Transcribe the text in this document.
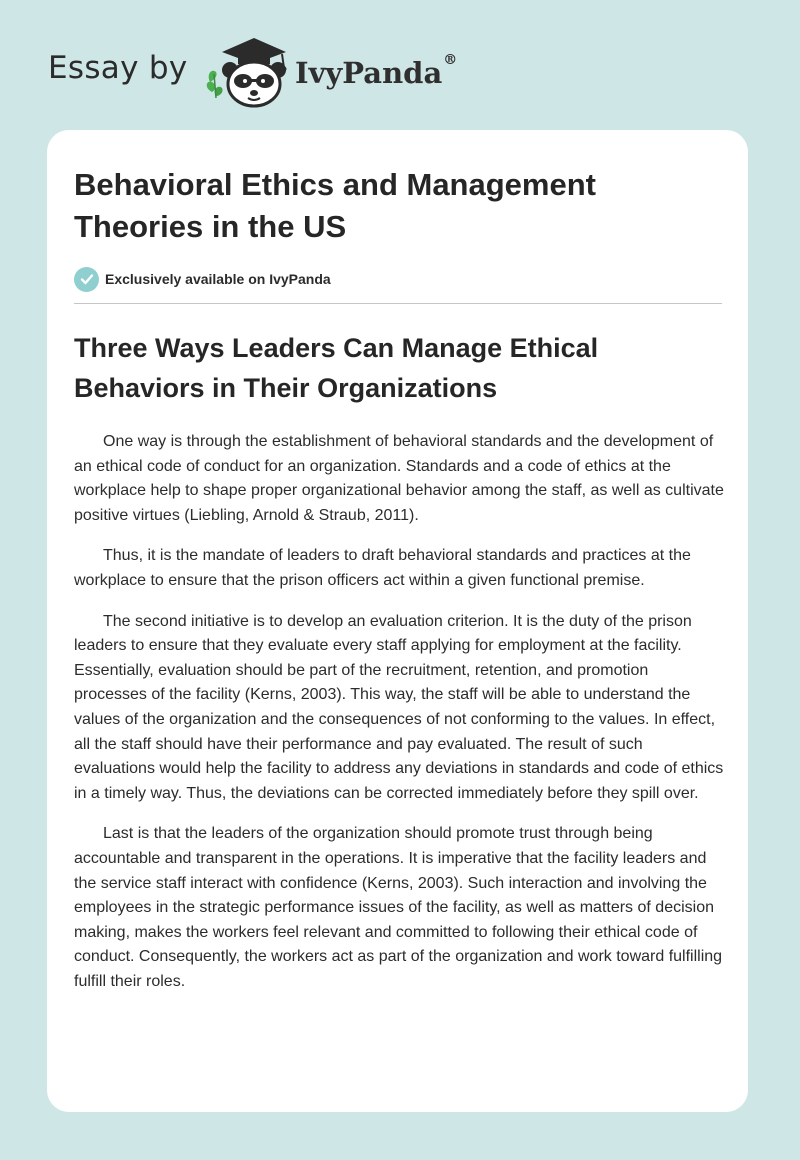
Essay by	IvyPanda®
Behavioral Ethics and Management Theories in the US
Exclusively available on IvyPanda
Three Ways Leaders Can Manage Ethical Behaviors in Their Organizations

One way is through the establishment of behavioral standards and the development of an ethical code of conduct for an organization. Standards and a code of ethics at the workplace help to shape proper organizational behavior among the staff, as well as cultivate positive virtues (Liebling, Arnold & Straub, 2011).

Thus, it is the mandate of leaders to draft behavioral standards and practices at the workplace to ensure that the prison officers act within a given functional premise.

The second initiative is to develop an evaluation criterion. It is the duty of the prison leaders to ensure that they evaluate every staff applying for employment at the facility. Essentially, evaluation should be part of the recruitment, retention, and promotion processes of the facility (Kerns, 2003). This way, the staff will be able to understand the values of the organization and the consequences of not conforming to the values. In effect, all the staff should have their performance and pay evaluated. The result of such evaluations would help the facility to address any deviations in standards and code of ethics in a timely way. Thus, the deviations can be corrected immediately before they spill over.

Last is that the leaders of the organization should promote trust through being accountable and transparent in the operations. It is imperative that the facility leaders and the service staff interact with confidence (Kerns, 2003). Such interaction and involving the employees in the strategic performance issues of the facility, as well as matters of decision making, makes the workers feel relevant and committed to following their ethical code of conduct. Consequently, the workers act as part of the organization and work toward fulfilling fulfill their roles.
